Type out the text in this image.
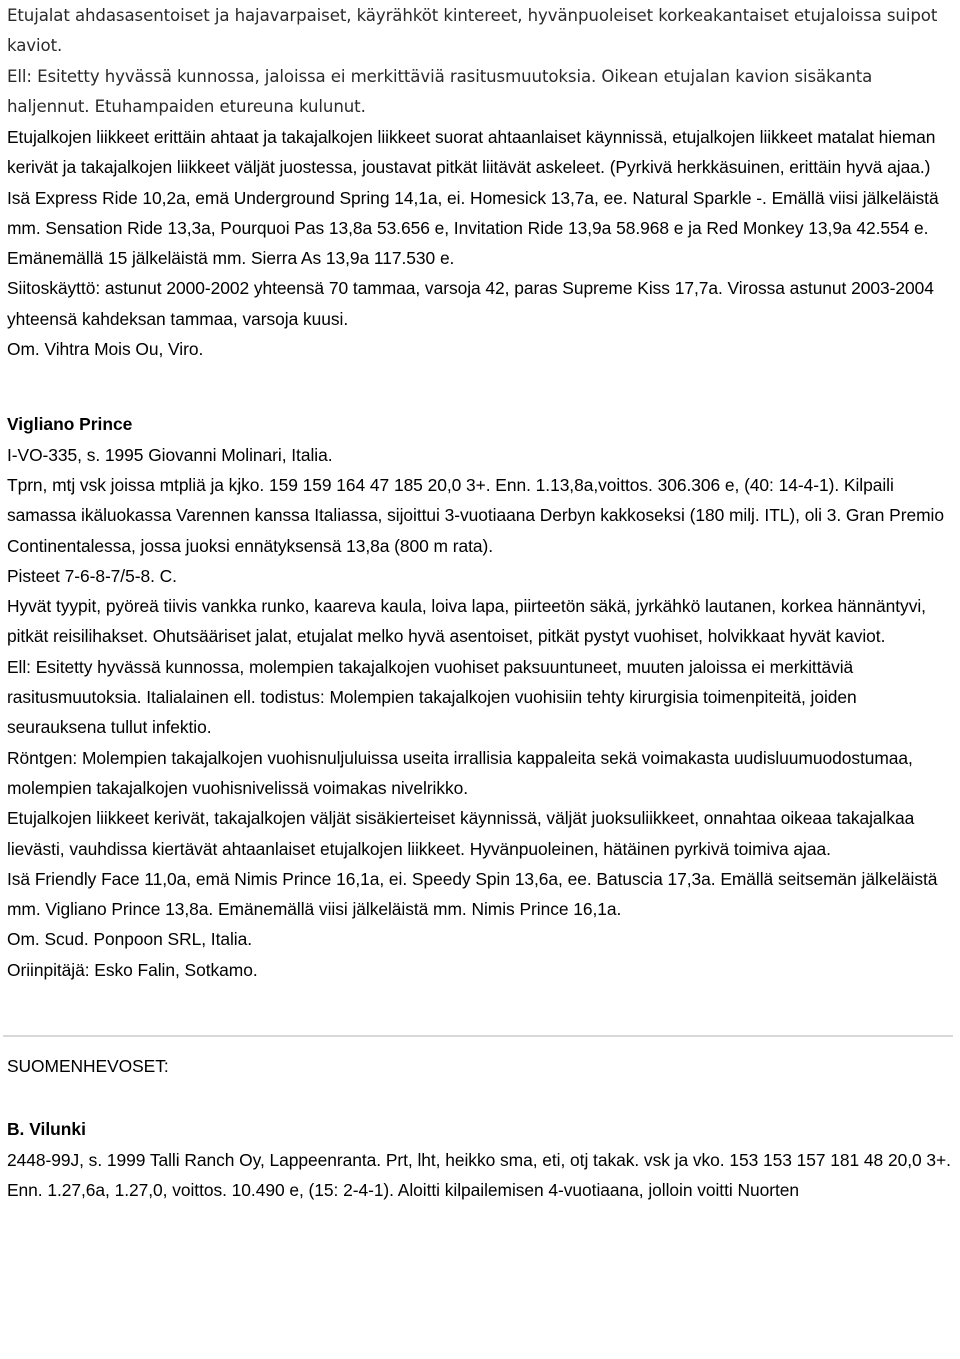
Etujalat ahdasasentoiset ja hajavarpaiset, käyrähköt kintereet, hyvänpuoleiset korkeakantaiset etujaloissa suipot kaviot.

Ell: Esitetty hyvässä kunnossa, jaloissa ei merkittäviä rasitusmuutoksia. Oikean etujalan kavion sisäkanta haljennut. Etuhampaiden etureuna kulunut.

Etujalkojen liikkeet erittäin ahtaat ja takajalkojen liikkeet suorat ahtaanlaiset käynnissä, etujalkojen liikkeet matalat hieman kerivät ja takajalkojen liikkeet väljät juostessa, joustavat pitkät liitävät askeleet. (Pyrkivä herkkäsuinen, erittäin hyvä ajaa.)

Isä Express Ride 10,2a, emä Underground Spring 14,1a, ei. Homesick 13,7a, ee. Natural Sparkle -. Emällä viisi jälkeläistä mm. Sensation Ride 13,3a, Pourquoi Pas 13,8a 53.656 e, Invitation Ride 13,9a 58.968 e ja Red Monkey 13,9a 42.554 e. Emänemällä 15 jälkeläistä mm. Sierra As 13,9a 117.530 e.

Siitoskäyttö: astunut 2000-2002 yhteensä 70 tammaa, varsoja 42, paras Supreme Kiss 17,7a. Virossa astunut 2003-2004 yhteensä kahdeksan tammaa, varsoja kuusi.

Om. Vihtra Mois Ou, Viro.

Vigliano Prince

I-VO-335, s. 1995 Giovanni Molinari, Italia.

Tprn, mtj vsk joissa mtpliä ja kjko. 159 159 164 47 185 20,0 3+. Enn. 1.13,8a,voittos. 306.306 e, (40: 14-4-1). Kilpaili samassa ikäluokassa Varennen kanssa Italiassa, sijoittui 3-vuotiaana Derbyn kakkoseksi (180 milj. ITL), oli 3. Gran Premio Continentalessa, jossa juoksi ennätyksensä 13,8a (800 m rata).

Pisteet 7-6-8-7/5-8. C.

Hyvät tyypit, pyöreä tiivis vankka runko, kaareva kaula, loiva lapa, piirteetön säkä, jyrkähkö lautanen, korkea hännäntyvi, pitkät reisilihakset. Ohutsääriset jalat, etujalat melko hyvä asentoiset, pitkät pystyt vuohiset, holvikkaat hyvät kaviot.

Ell: Esitetty hyvässä kunnossa, molempien takajalkojen vuohiset paksuuntuneet, muuten jaloissa ei merkittäviä rasitusmuutoksia. Italialainen ell. todistus: Molempien takajalkojen vuohisiin tehty kirurgisia toimenpiteitä, joiden seurauksena tullut infektio.

Röntgen: Molempien takajalkojen vuohisnuljuluissa useita irrallisia kappaleita sekä voimakasta uudisluumuodostumaa, molempien takajalkojen vuohisnivelissä voimakas nivelrikko.

Etujalkojen liikkeet kerivät, takajalkojen väljät sisäkierteiset käynnissä, väljät juoksuliikkeet, onnahtaa oikeaa takajalkaa lievästi, vauhdissa kiertävät ahtaanlaiset etujalkojen liikkeet. Hyvänpuoleinen, hätäinen pyrkivä toimiva ajaa.

Isä Friendly Face 11,0a, emä Nimis Prince 16,1a, ei. Speedy Spin 13,6a, ee. Batuscia 17,3a. Emällä seitsemän jälkeläistä mm. Vigliano Prince 13,8a. Emänemällä viisi jälkeläistä mm. Nimis Prince 16,1a.

Om. Scud. Ponpoon SRL, Italia.

Oriinpitäjä: Esko Falin, Sotkamo.

SUOMENHEVOSET:

B. Vilunki

2448-99J, s. 1999 Talli Ranch Oy, Lappeenranta. Prt, lht, heikko sma, eti, otj takak. vsk ja vko. 153 153 157 181 48 20,0 3+.

Enn. 1.27,6a, 1.27,0, voittos. 10.490 e, (15: 2-4-1). Aloitti kilpailemisen 4-vuotiaana, jolloin voitti Nuorten
